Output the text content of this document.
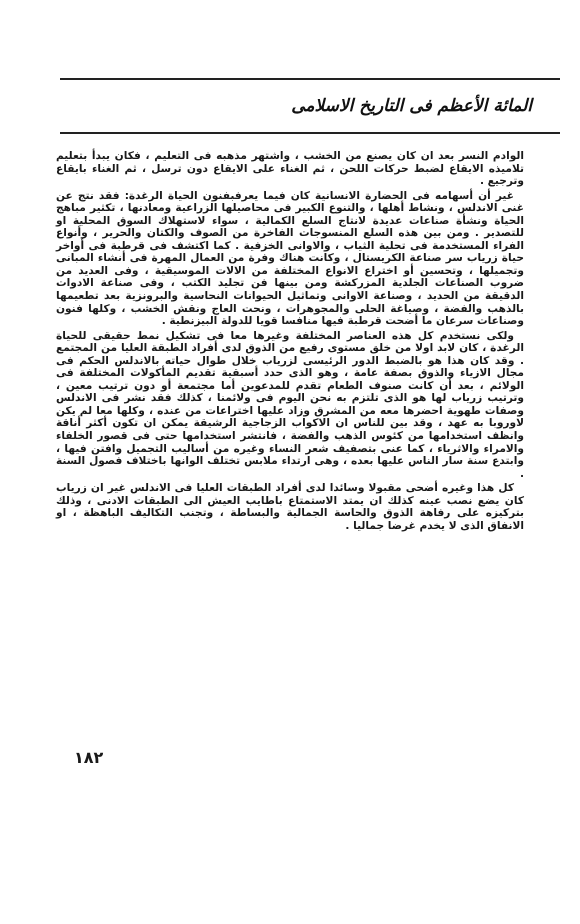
المائة الأعظم فى التاريخ الاسلامى

الوادم النسر بعد ان كان يصنع من الخشب ، واشتهر مذهبه فى التعليم ، فكان يبدأ بتعليم تلاميذه الايقاع لضبط حركات اللحن ، ثم الغناء على الايقاع دون ترسل ، ثم الغناء بايقاع وترجيع .

غير أن أسهامه فى الحضارة الانسانية كان فيما يعرفبفنون الحياة الرغدة: فقد نتج عن غنى الاندلس ، ونشاط أهلها ، والتنوع الكبير فى محاصيلها الزراعية ومعادنها ، تكثير مباهج الحياة ونشأة صناعات عديدة لانتاج السلع الكمالية ، سواء لاستهلاك السوق المحلية او للتصدير . ومن بين هذه السلع المنسوجات الفاخرة من الصوف والكتان والحرير ، وأنواع الفراء المستخدمة فى تحلية الثياب ، والاوانى الخزفية . كما اكتشف فى قرطبة فى أواخر حياة زرياب سر صناعة الكريستال ، وكانت هناك وفرة من العمال المهرة فى أنشاء المبانى وتجميلها ، وتحسين أو اختراع الانواع المختلفة من الالات الموسيقية ، وفى العديد من ضروب الصناعات الجلدية المزركشة ومن بينها فن تجليد الكتب ، وفى صناعة الادوات الدقيقة من الحديد ، وصناعة الاوانى وتماثيل الحيوانات النحاسية والبرونزية بعد تطعيمها بالذهب والفضة ، وصياغة الحلى والمجوهرات ، ونحت العاج ونقش الخشب ، وكلها فنون وصناعات سرعان ما أضحت قرطبة فيها منافسا قويا للدولة البيزنطية .

ولكى نستخدم كل هذه العناصر المختلفة وغيرها معا فى تشكيل نمط حقيقى للحياة الرغدة ، كان لابد اولا من خلق مستوى رفيع من الذوق لدى أفراد الطبقة العليا من المجتمع . وقد كان هذا هو بالضبط الدور الرئيسى لزرياب خلال طوال حياته بالاندلس الحكم فى مجال الازياء والذوق بصفة عامة ، وهو الذى حدد أسبقية تقديم المأكولات المختلفة فى الولائم ، بعد أن كانت صنوف الطعام تقدم للمدعوين أما مجتمعة أو دون ترتيب معين ، وترتيب زرياب لها هو الذى تلتزم به نحن اليوم فى ولائمنا ، كذلك فقد نشر فى الاندلس وصفات طهوية احضرها معه من المشرق وزاد عليها اختراعات من عنده ، وكلها معا لم يكن لاوروبا به عهد ، وقد بين للناس ان الاكواب الزجاجية الرشيقة يمكن ان تكون أكثر أناقة وانظف استخدامها من كئوس الذهب والفضة ، فانتشر استخدامها حتى فى قصور الخلفاء والامراء والاثرياء ، كما عنى بتصفيف شعر النساء وغيره من أساليب التجميل وافتن فيها ، وابتدع سنة سار الناس عليها بعده ، وهى ارتداء ملابس تختلف الوانها باختلاف فصول السنة .

كل هذا وغيره أضحى مقبولا وسائدا لدى أفراد الطبقات العليا فى الاندلس غير ان زرياب كان يضع نصب عينه كذلك ان يمتد الاستمتاع باطايب العيش الى الطبقات الادنى ، وذلك بتركيزه على رفاهة الذوق والحاسة الجمالية والبساطة ، وتجنب التكاليف الباهظة ، او الانفاق الذى لا يخدم غرضا جماليا .

١٨٢
